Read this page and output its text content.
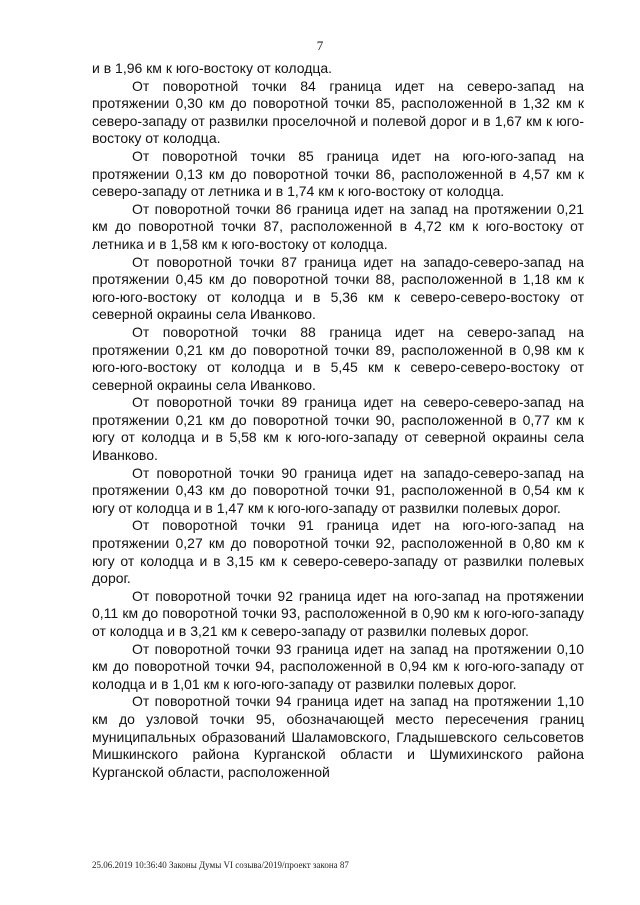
7

и в 1,96 км к юго-востоку от колодца.

От поворотной точки 84 граница идет на северо-запад на протяжении 0,30 км до поворотной точки 85, расположенной в 1,32 км к северо-западу от развилки проселочной и полевой дорог и в 1,67 км к юго-востоку от колодца.

От поворотной точки 85 граница идет на юго-юго-запад на протяжении 0,13 км до поворотной точки 86, расположенной в 4,57 км к северо-западу от летника и в 1,74 км к юго-востоку от колодца.

От поворотной точки 86 граница идет на запад на протяжении 0,21 км до поворотной точки 87, расположенной в 4,72 км к юго-востоку от летника и в 1,58 км к юго-востоку от колодца.

От поворотной точки 87 граница идет на западо-северо-запад на протяжении 0,45 км до поворотной точки 88, расположенной в 1,18 км к юго-юго-востоку от колодца и в 5,36 км к северо-северо-востоку от северной окраины села Иванково.

От поворотной точки 88 граница идет на северо-запад на протяжении 0,21 км до поворотной точки 89, расположенной в 0,98 км к юго-юго-востоку от колодца и в 5,45 км к северо-северо-востоку от северной окраины села Иванково.

От поворотной точки 89 граница идет на северо-северо-запад на протяжении 0,21 км до поворотной точки 90, расположенной в 0,77 км к югу от колодца и в 5,58 км к юго-юго-западу от северной окраины села Иванково.

От поворотной точки 90 граница идет на западо-северо-запад на протяжении 0,43 км до поворотной точки 91, расположенной в 0,54 км к югу от колодца и в 1,47 км к юго-юго-западу от развилки полевых дорог.

От поворотной точки 91 граница идет на юго-юго-запад на протяжении 0,27 км до поворотной точки 92, расположенной в 0,80 км к югу от колодца и в 3,15 км к северо-северо-западу от развилки полевых дорог.

От поворотной точки 92 граница идет на юго-запад на протяжении 0,11 км до поворотной точки 93, расположенной в 0,90 км к юго-юго-западу от колодца и в 3,21 км к северо-западу от развилки полевых дорог.

От поворотной точки 93 граница идет на запад на протяжении 0,10 км до поворотной точки 94, расположенной в 0,94 км к юго-юго-западу от колодца и в 1,01 км к юго-юго-западу от развилки полевых дорог.

От поворотной точки 94 граница идет на запад на протяжении 1,10 км до узловой точки 95, обозначающей место пересечения границ муниципальных образований Шаламовского, Гладышевского сельсоветов Мишкинского района Курганской области и Шумихинского района Курганской области, расположенной

25.06.2019 10:36:40 Законы Думы VI созыва/2019/проект закона 87
